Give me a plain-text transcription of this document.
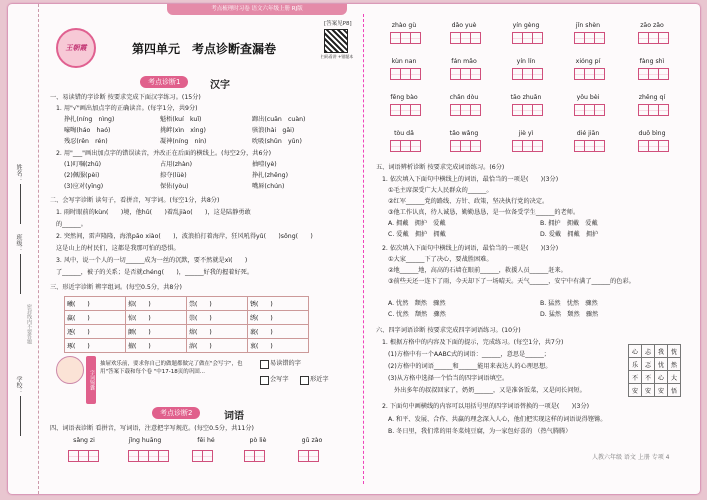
姓名：
班级：
学校：
密封线内不要答题
考点梳理时习卷 语文六年级上册 RJ版
[答案见P8]
王朝霞	第四单元　考点诊断查漏卷
扫码看讲 +错题本
考点诊断1	汉字
一、易读错的字诊断 按要求完成下面汉字练习。(15分)
1. 用"√"画出加点字的正确读音。(每字1分，共9分)
挣扎(níng　nìng)	魁梧(kuí　kuǐ)	蹿出(cuān　cuàn)
嚎啕(háo　haó)	挑衅(xìn　xìng)	骇浪(hài　gāi)
残忍(rěn　rén)	凝神(níng　nín)	吮吸(shǔn　yǔn)
2. 用"___"画出加点字的错误读音，并改正在后面的横线上。(每空2分，共6分)
(1)叮嘱(zhǔ)	占用(zhàn)	抽噎(yè)
(2)佩服(pèi)	掠夺(lüè)	挣扎(zhēng)
(3)应对(yīng)	保佑(yòu)	嘴唇(chún)
二、会写字诊断 读句子，看拼音，写字词。(每空1分，共8分)
1. 雨时眼前的kùn(　　)境，他hǔ(　　)着乱jiào(　　)，这是陆静勇敢
的______。
2. 突然间，雷声隆隆，海浪pāo xiào(　　)，波浪拍打着海岸，狂风吼得yǔ(　　)sōng(　　)
这是山上的村民们，这都是我那可怕的恐惧。
3. 风中，说一个人的一切______成为一丝的沉默，要不然就是xì(　　)
了______，被子的关系；是否就chéng(　　)，______好我的握着好死。
三、形近字诊断 辨字组词。(每空0.5分，共8分)
曦(　　)	掠(　　)	祟(　　)	锈(　　)
赢(　　)	惊(　　)	崇(　　)	绣(　　)
逐(　　)	颤(　　)	熔(　　)	裹(　　)
琢(　　)	擅(　　)	溶(　　)	衷(　　)
字词锦囊
抽屉欢乐前，要求你自己的做题都做完了做在"会写字"，也用"答案下载和每个卷 "中17-18页的巩固...
易读错的字
会写字	形近字
考点诊断2	词语
四、词语表诊断 看拼音，写词语，注意把字写规范。(每空0.5分，共11分)
sǎng zi	jǐng huāng	fēi hé	pò liè	gǔ zào
zhào gù	dǎo yuè	yín gèng	jǐn shèn	zāo zǎo
kùn nan	fán mǎo	yín lín	xióng pí	fàng shì
fēng bào	chǎn dòu	tāo zhuǎn	yǒu bèi	zhěng qí
tòu dǎ	tǎo wǎng	jiè yì	dié jiān	duō bìng
五、词语辨析诊断 按要求完成词语练习。(6分)
1. 依次填入下面句中横线上的词语，最恰当的一项是(　　)(3分)
①毛主席深受广大人民群众的______。
②红军______党的路线、方针、政策，坚决执行党的决定。
③他工作认真，待人诚恳，勤勤恳恳，是一位备受学生______的老师。
A. 拥戴　拥护　爱戴	B. 拥护　拥戴　爱戴
C. 爱戴　拥护　拥戴	D. 爱戴　拥戴　拥护
2. 依次填入下面句中横线上的词语，最恰当的一项是(　　)(3分)
①大家______下了决心，要战胜困难。
②地______地，高高的石墙在眼前______，救援人员______赶来。
③前些天还一连下了雨，今天却下了一场晴天。天气______，安宁中有满了______的色彩。
A. 忧然　颓然　骤然	B. 猛然　忧然　骤然
C. 忧然　颓然　骤然	D. 猛然　颓然　骤然
六、四字词语诊断 按要求完成四字词语练习。(10分)
1. 根据方格中的内容及下面的提示，完成练习。(每空1分，共7分)
(1)方格中有一个AABC式的词语：______，意思是______；
(2)方格中的词语______和______能用来表达人的心理思想。
(3)从方格中选择一个恰当的四字词语填空。
外出多年的叔叔回家了，奶奶______，又是准备饭菜，又是问长问短。
心	忐	我	恍
乐	忑	忧	然
不	不	心	大
安	安	安	悟
2. 下面句中画横线的内容可以用括号里的四字词语替换的一项是(　　)(3分)
A. 和平、发展、合作、共赢的理念深入人心，他们把实现这样的词语说得铿锵。
B. 冬日里，我们常的用冬菜炖豆腐，为一家包好喜的 （热气腾腾）
人教六年级 语文 上册 专项 4
